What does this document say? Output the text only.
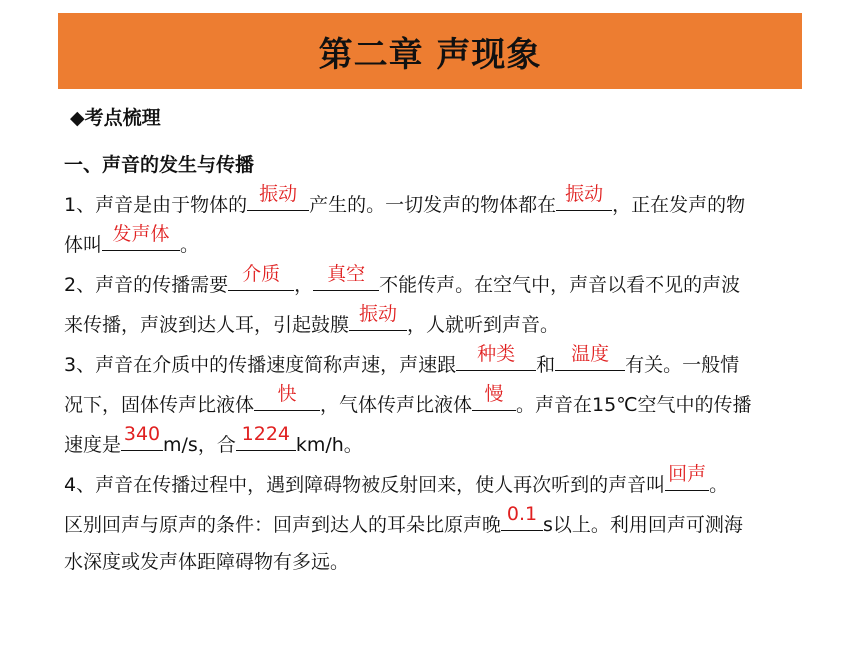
第二章 声现象
◆考点梳理
一、声音的发生与传播
1、声音是由于物体的 振动 产生的。一切发声的物体都在 振动 ，正在发声的物
体叫 发声体 。
2、声音的传播需要 介质 ， 真空 不能传声。在空气中，声音以看不见的声波
来传播，声波到达人耳，引起鼓膜 振动 ，人就听到声音。
3、声音在介质中的传播速度简称声速，声速跟	种类	和 温度 有关。一般情
况下，固体传声比液体	快	，气体传声比液体 慢 。声音在15℃空气中的传播
速度是 340 m/s，合 1224 km/h。
4、声音在传播过程中，遇到障碍物被反射回来，使人再次听到的声音叫 回声 。
区别回声与原声的条件：回声到达人的耳朵比原声晚 0.1 s以上。利用回声可测海
水深度或发声体距障碍物有多远。
